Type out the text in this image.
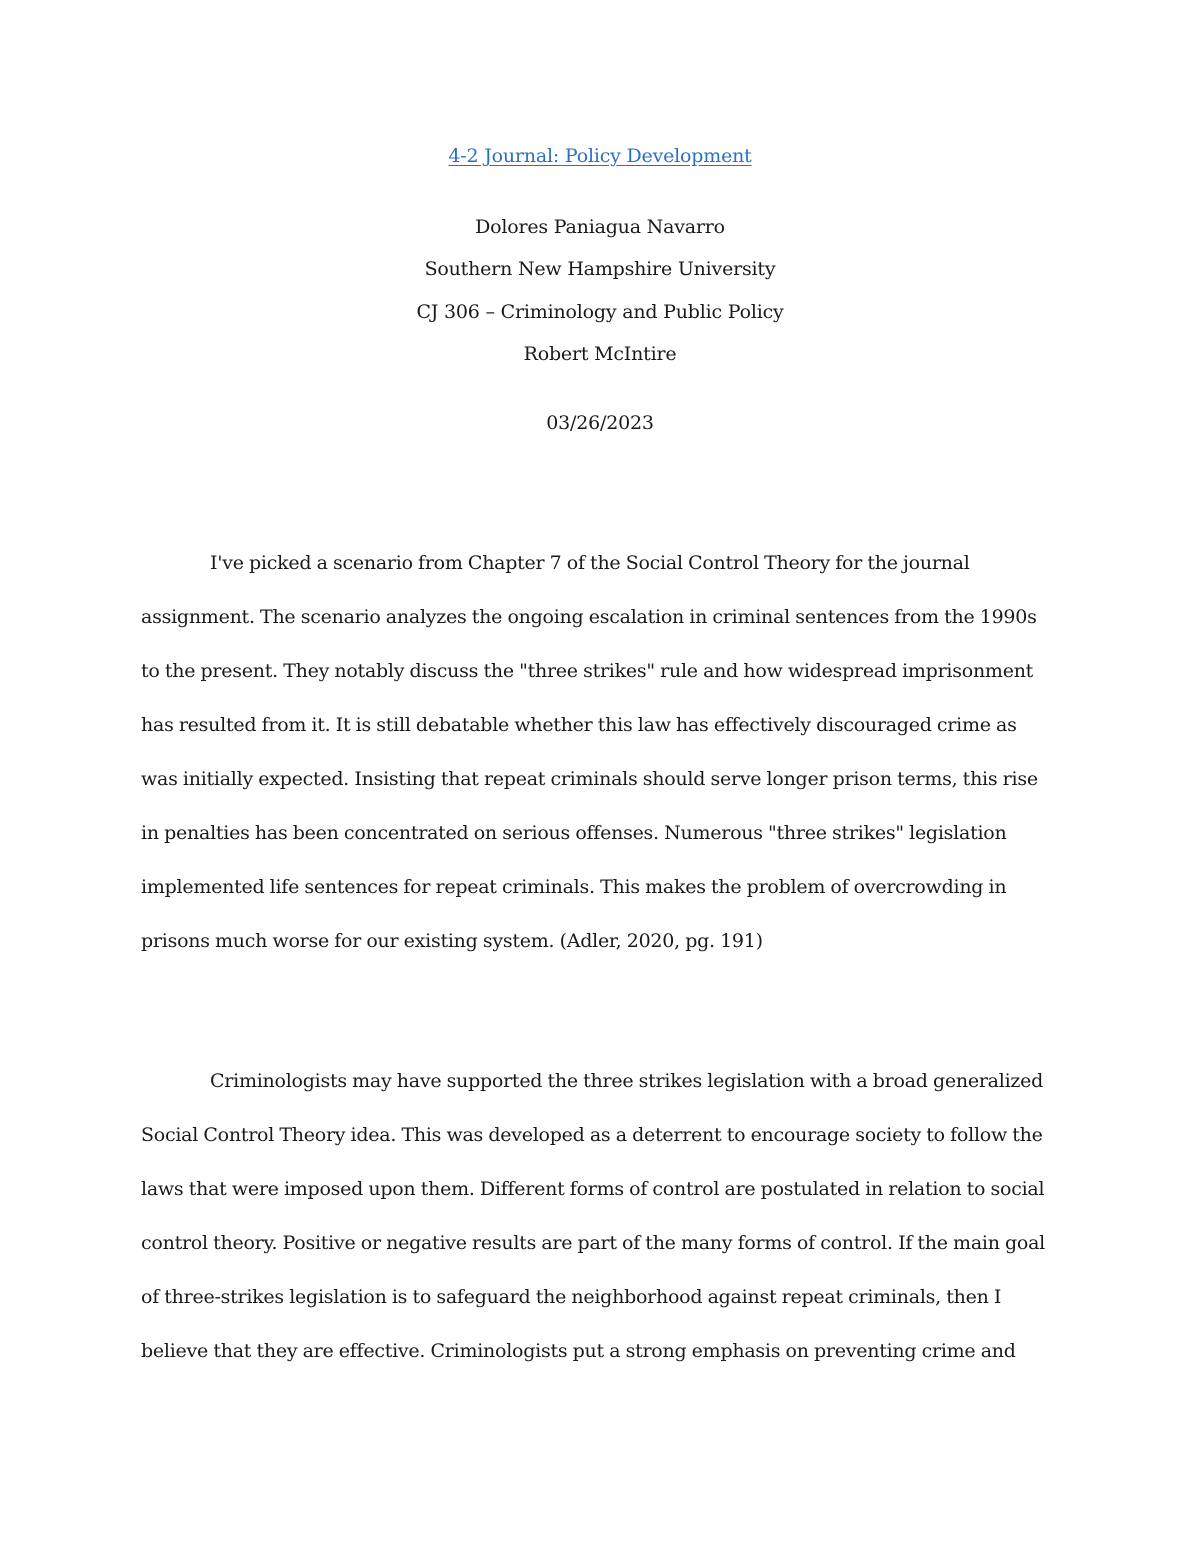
4-2 Journal: Policy Development
Dolores Paniagua Navarro
Southern New Hampshire University
CJ 306 – Criminology and Public Policy
Robert McIntire
03/26/2023
I've picked a scenario from Chapter 7 of the Social Control Theory for the journal
assignment. The scenario analyzes the ongoing escalation in criminal sentences from the 1990s
to the present. They notably discuss the "three strikes" rule and how widespread imprisonment
has resulted from it. It is still debatable whether this law has effectively discouraged crime as
was initially expected. Insisting that repeat criminals should serve longer prison terms, this rise
in penalties has been concentrated on serious offenses. Numerous "three strikes" legislation
implemented life sentences for repeat criminals. This makes the problem of overcrowding in
prisons much worse for our existing system. (Adler, 2020, pg. 191)
Criminologists may have supported the three strikes legislation with a broad generalized
Social Control Theory idea. This was developed as a deterrent to encourage society to follow the
laws that were imposed upon them. Different forms of control are postulated in relation to social
control theory. Positive or negative results are part of the many forms of control. If the main goal
of three-strikes legislation is to safeguard the neighborhood against repeat criminals, then I
believe that they are effective. Criminologists put a strong emphasis on preventing crime and
